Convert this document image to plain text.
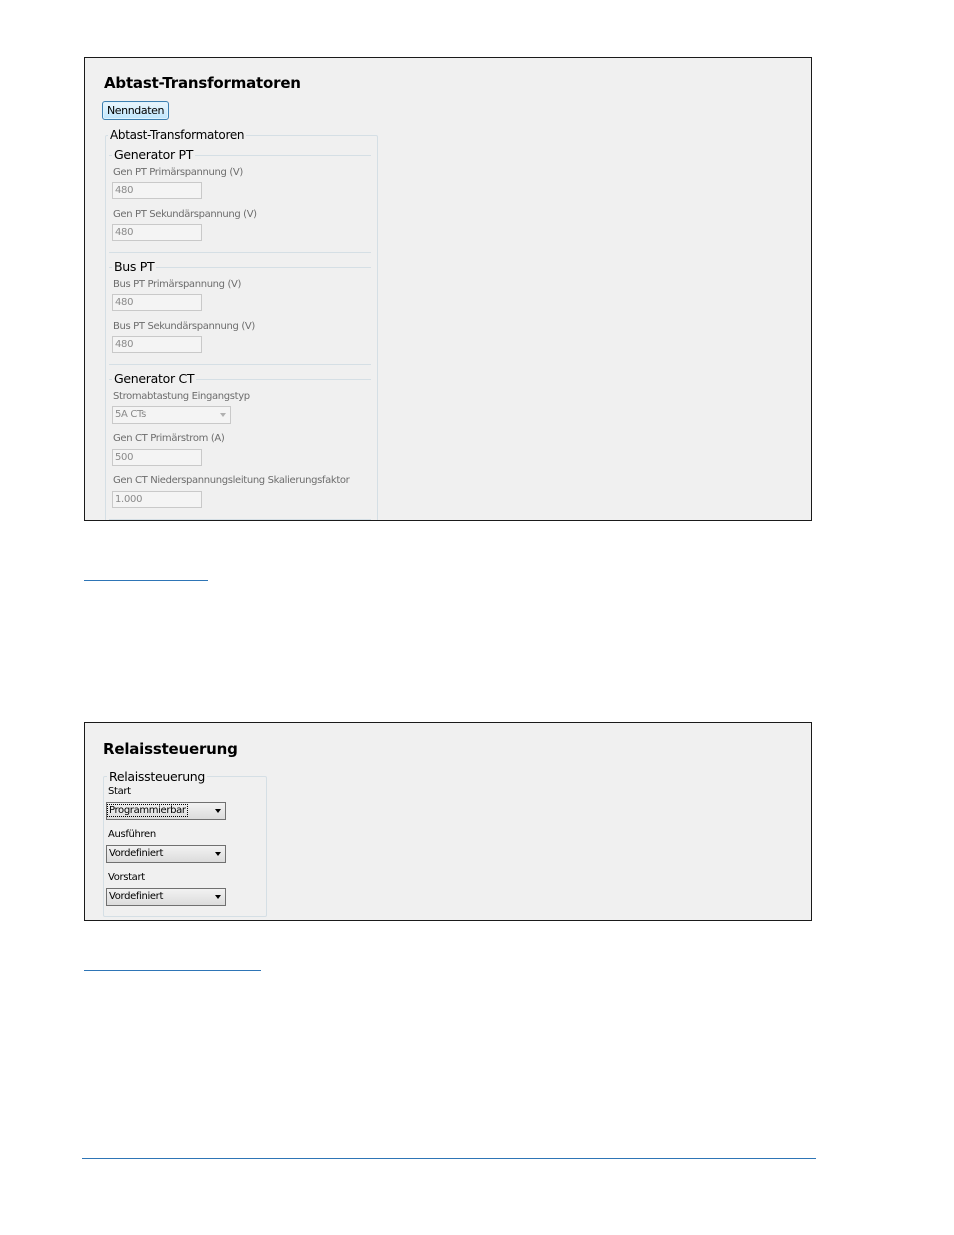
Abtast-Transformatoren
Nenndaten
Abtast-Transformatoren
Generator PT
Gen PT Primärspannung (V)
480
Gen PT Sekundärspannung (V)
480
Bus PT
Bus PT Primärspannung (V)
480
Bus PT Sekundärspannung (V)
480
Generator CT
Stromabtastung Eingangstyp
5A CTs
Gen CT Primärstrom (A)
500
Gen CT Niederspannungsleitung Skalierungsfaktor
1.000
Relaissteuerung
Relaissteuerung
Start
Programmierbar
Ausführen
Vordefiniert
Vorstart
Vordefiniert
